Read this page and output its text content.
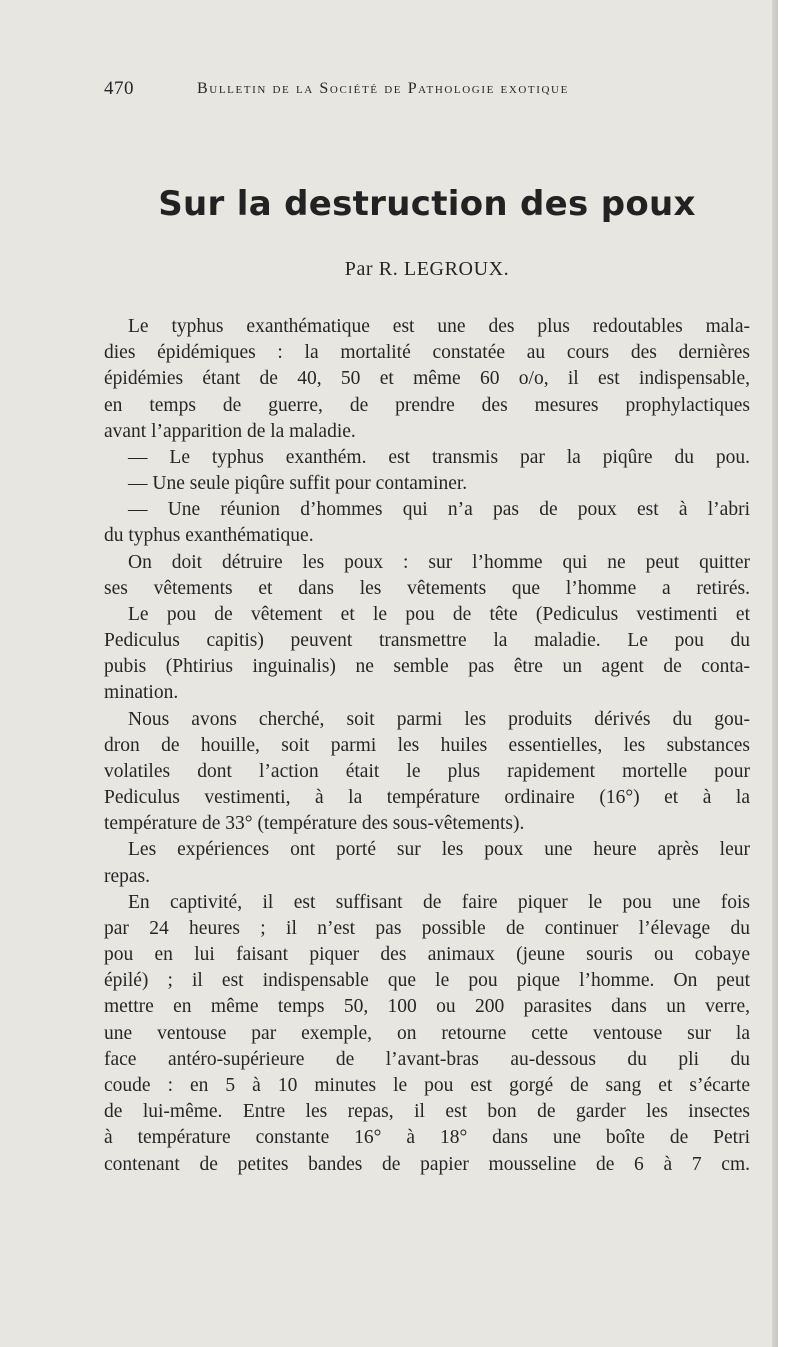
470	Bulletin de la Société de Pathologie exotique
Sur la destruction des poux
Par R. LEGROUX.
Le typhus exanthématique est une des plus redoutables mala-
dies épidémiques : la mortalité constatée au cours des dernières
épidémies étant de 40, 50 et même 60 o/o, il est indispensable,
en temps de guerre, de prendre des mesures prophylactiques
avant l’apparition de la maladie.
— Le typhus exanthém. est transmis par la piqûre du pou.
— Une seule piqûre suffit pour contaminer.
— Une réunion d’hommes qui n’a pas de poux est à l’abri
du typhus exanthématique.
On doit détruire les poux : sur l’homme qui ne peut quitter
ses vêtements et dans les vêtements que l’homme a retirés.
Le pou de vêtement et le pou de tête (Pediculus vestimenti et
Pediculus capitis) peuvent transmettre la maladie. Le pou du
pubis (Phtirius inguinalis) ne semble pas être un agent de conta-
mination.
Nous avons cherché, soit parmi les produits dérivés du gou-
dron de houille, soit parmi les huiles essentielles, les substances
volatiles dont l’action était le plus rapidement mortelle pour
Pediculus vestimenti, à la température ordinaire (16°) et à la
température de 33° (température des sous-vêtements).
Les expériences ont porté sur les poux une heure après leur
repas.
En captivité, il est suffisant de faire piquer le pou une fois
par 24 heures ; il n’est pas possible de continuer l’élevage du
pou en lui faisant piquer des animaux (jeune souris ou cobaye
épilé) ; il est indispensable que le pou pique l’homme. On peut
mettre en même temps 50, 100 ou 200 parasites dans un verre,
une ventouse par exemple, on retourne cette ventouse sur la
face antéro-supérieure de l’avant-bras au-dessous du pli du
coude : en 5 à 10 minutes le pou est gorgé de sang et s’écarte
de lui-même. Entre les repas, il est bon de garder les insectes
à température constante 16° à 18° dans une boîte de Petri
contenant de petites bandes de papier mousseline de 6 à 7 cm.
